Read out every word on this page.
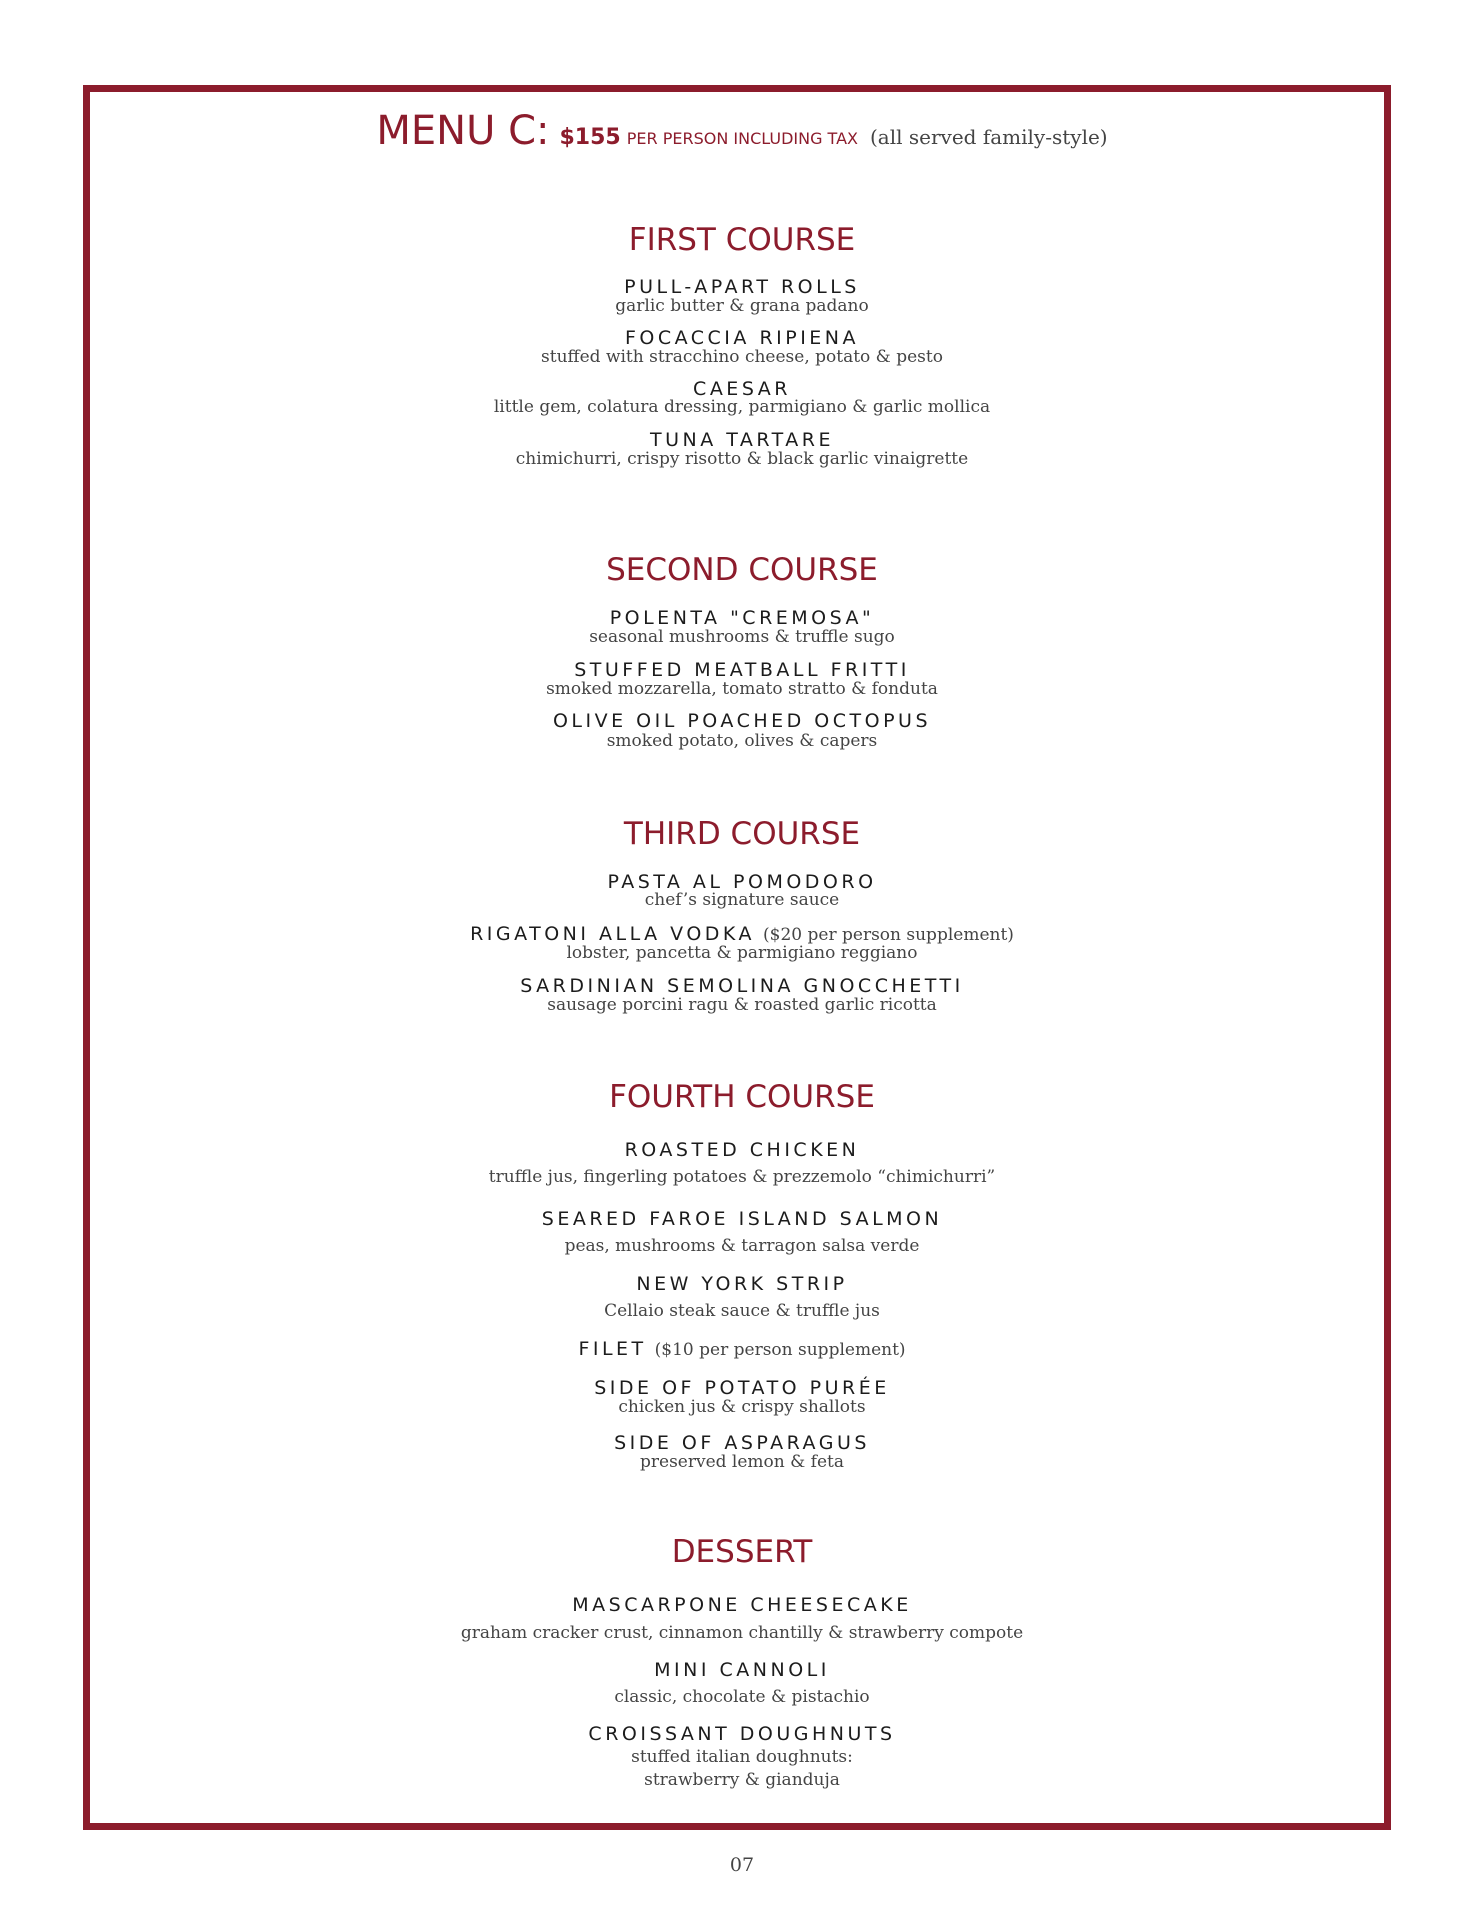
MENU C: $155 PER PERSON INCLUDING TAX (all served family-style)
FIRST COURSE
PULL-APART ROLLS
garlic butter & grana padano
FOCACCIA RIPIENA
stuffed with stracchino cheese, potato & pesto
CAESAR
little gem, colatura dressing, parmigiano & garlic mollica
TUNA TARTARE
chimichurri, crispy risotto & black garlic vinaigrette
SECOND COURSE
POLENTA "CREMOSA"
seasonal mushrooms & truffle sugo
STUFFED MEATBALL FRITTI
smoked mozzarella, tomato stratto & fonduta
OLIVE OIL POACHED OCTOPUS
smoked potato, olives & capers
THIRD COURSE
PASTA AL POMODORO
chef’s signature sauce
RIGATONI ALLA VODKA ($20 per person supplement)
lobster, pancetta & parmigiano reggiano
SARDINIAN SEMOLINA GNOCCHETTI
sausage porcini ragu & roasted garlic ricotta
FOURTH COURSE
ROASTED CHICKEN
truffle jus, fingerling potatoes & prezzemolo “chimichurri”
SEARED FAROE ISLAND SALMON
peas, mushrooms & tarragon salsa verde
NEW YORK STRIP
Cellaio steak sauce & truffle jus
FILET ($10 per person supplement)
SIDE OF POTATO PURÉE
chicken jus & crispy shallots
SIDE OF ASPARAGUS
preserved lemon & feta
DESSERT
MASCARPONE CHEESECAKE
graham cracker crust, cinnamon chantilly & strawberry compote
MINI CANNOLI
classic, chocolate & pistachio
CROISSANT DOUGHNUTS
stuffed italian doughnuts:
strawberry & gianduja
07
